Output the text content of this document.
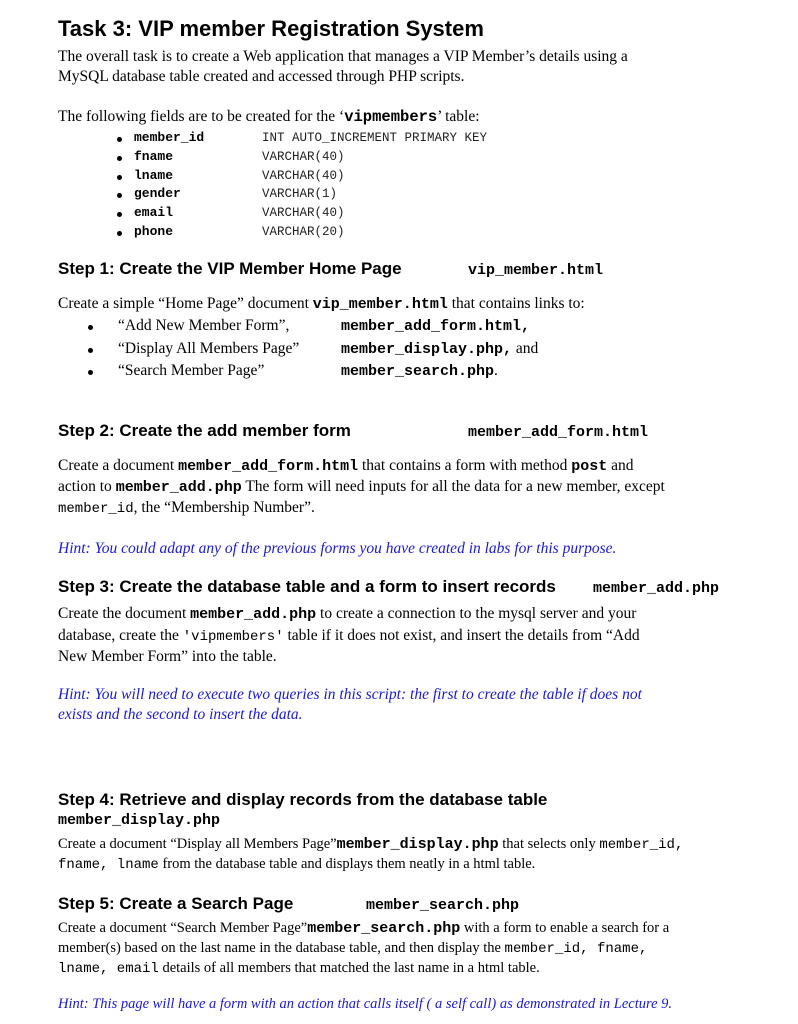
Task 3: VIP member Registration System
The overall task is to create a Web application that manages a VIP Member’s details using a
MySQL database table created and accessed through PHP scripts.
The following fields are to be created for the ‘vipmembers’ table:
member_id	INT AUTO_INCREMENT PRIMARY KEY
fname	VARCHAR(40)
lname	VARCHAR(40)
gender	VARCHAR(1)
email	VARCHAR(40)
phone	VARCHAR(20)
Step 1: Create the VIP Member Home Page	vip_member.html
Create a simple “Home Page” document vip_member.html that contains links to:
“Add New Member Form”,	member_add_form.html,
“Display All Members Page”	member_display.php, and
“Search Member Page”	member_search.php.
Step 2: Create the add member form	member_add_form.html
Create a document member_add_form.html that contains a form with method post and
action to member_add.php The form will need inputs for all the data for a new member, except
member_id, the “Membership Number”.
Hint: You could adapt any of the previous forms you have created in labs for this purpose.
Step 3: Create the database table and a form to insert records member_add.php
Create the document member_add.php to create a connection to the mysql server and your
database, create the 'vipmembers' table if it does not exist, and insert the details from “Add
New Member Form” into the table.
Hint: You will need to execute two queries in this script: the first to create the table if does not
exists and the second to insert the data.
Step 4: Retrieve and display records from the database table
member_display.php
Create a document “Display all Members Page”member_display.php that selects only member_id,
fname, lname from the database table and displays them neatly in a html table.
Step 5: Create a Search Page	member_search.php
Create a document “Search Member Page”member_search.php with a form to enable a search for a
member(s) based on the last name in the database table, and then display the member_id, fname,
lname, email details of all members that matched the last name in a html table.
Hint: This page will have a form with an action that calls itself ( a self call) as demonstrated in Lecture 9.
